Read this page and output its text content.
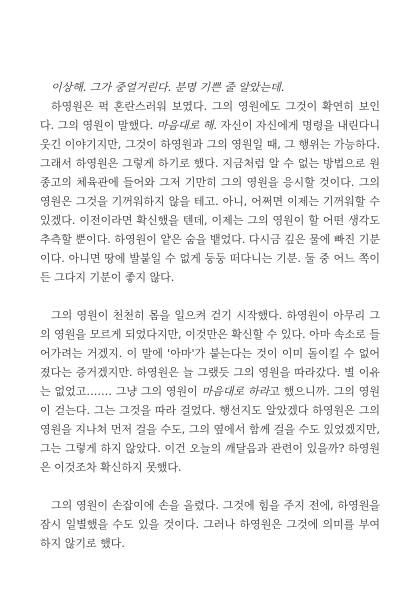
이상해. 그가 중얼거린다. 분명 기쁜 줄 알았는데.

하영원은 퍽 혼란스러워 보였다. 그의 영원에도 그것이 확연히 보인다. 그의 영원이 말했다. 마음대로 해. 자신이 자신에게 명령을 내린다니 웃긴 이야기지만, 그것이 하영원과 그의 영원일 때, 그 행위는 가능하다. 그래서 하영원은 그렇게 하기로 했다. 지금처럼 알 수 없는 방법으로 원종고의 체육관에 들어와 그저 기만히 그의 영원을 응시할 것이다. 그의 영원은 그것을 기꺼워하지 않을 테고. 아니, 어쩌면 이제는 기꺼워할 수 있겠다. 이전이라면 확신했을 텐데, 이제는 그의 영원이 할 어떤 생각도 추측할 뿐이다. 하영원이 얕은 숨을 뱉었다. 다시금 깊은 물에 빠진 기분이다. 아니면 땅에 발붙일 수 없게 둥둥 떠다니는 기분. 둘 중 어느 쪽이든 그다지 기분이 좋지 않다.

그의 영원이 천천히 몸을 일으켜 걷기 시작했다. 하영원이 아무리 그의 영원을 모르게 되었다지만, 이것만은 확신할 수 있다. 아마 속소로 들어가려는 거겠지. 이 말에 '아마'가 붙는다는 것이 이미 돌이킬 수 없어졌다는 증거겠지만. 하영원은 늘 그랬듯 그의 영원을 따라갔다. 별 이유는 없었고……. 그냥 그의 영원이 마음대로 하라고 했으니까. 그의 영원이 걷는다. 그는 그것을 따라 걸었다. 행선지도 알았겠다 하영원은 그의 영원을 지나쳐 먼저 걸을 수도, 그의 옆에서 함께 걸을 수도 있었겠지만, 그는 그렇게 하지 않았다. 이건 오늘의 깨달음과 관련이 있을까? 하영원은 이것조차 확신하지 못했다.

그의 영원이 손잡이에 손을 올렸다. 그것에 힘을 주지 전에, 하영원을 잠시 일별했을 수도 있을 것이다. 그러나 하영원은 그것에 의미를 부여하지 않기로 했다.
